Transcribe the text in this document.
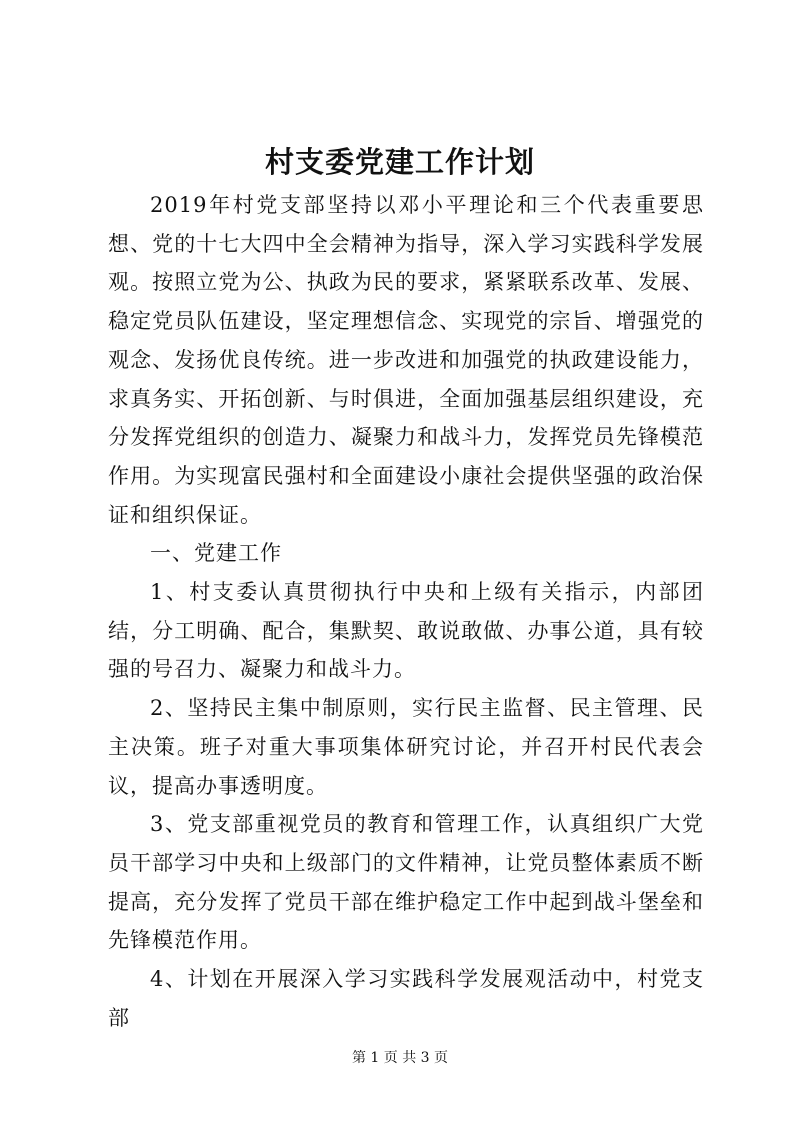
村支委党建工作计划

2019年村党支部坚持以邓小平理论和三个代表重要思想、党的十七大四中全会精神为指导，深入学习实践科学发展观。按照立党为公、执政为民的要求，紧紧联系改革、发展、稳定党员队伍建设，坚定理想信念、实现党的宗旨、增强党的观念、发扬优良传统。进一步改进和加强党的执政建设能力，求真务实、开拓创新、与时俱进，全面加强基层组织建设，充分发挥党组织的创造力、凝聚力和战斗力，发挥党员先锋模范作用。为实现富民强村和全面建设小康社会提供坚强的政治保证和组织保证。

一、党建工作

1、村支委认真贯彻执行中央和上级有关指示，内部团结，分工明确、配合，集默契、敢说敢做、办事公道，具有较强的号召力、凝聚力和战斗力。

2、坚持民主集中制原则，实行民主监督、民主管理、民主决策。班子对重大事项集体研究讨论，并召开村民代表会议，提高办事透明度。

3、党支部重视党员的教育和管理工作，认真组织广大党员干部学习中央和上级部门的文件精神，让党员整体素质不断提高，充分发挥了党员干部在维护稳定工作中起到战斗堡垒和先锋模范作用。

4、计划在开展深入学习实践科学发展观活动中，村党支部

第 1 页 共 3 页
